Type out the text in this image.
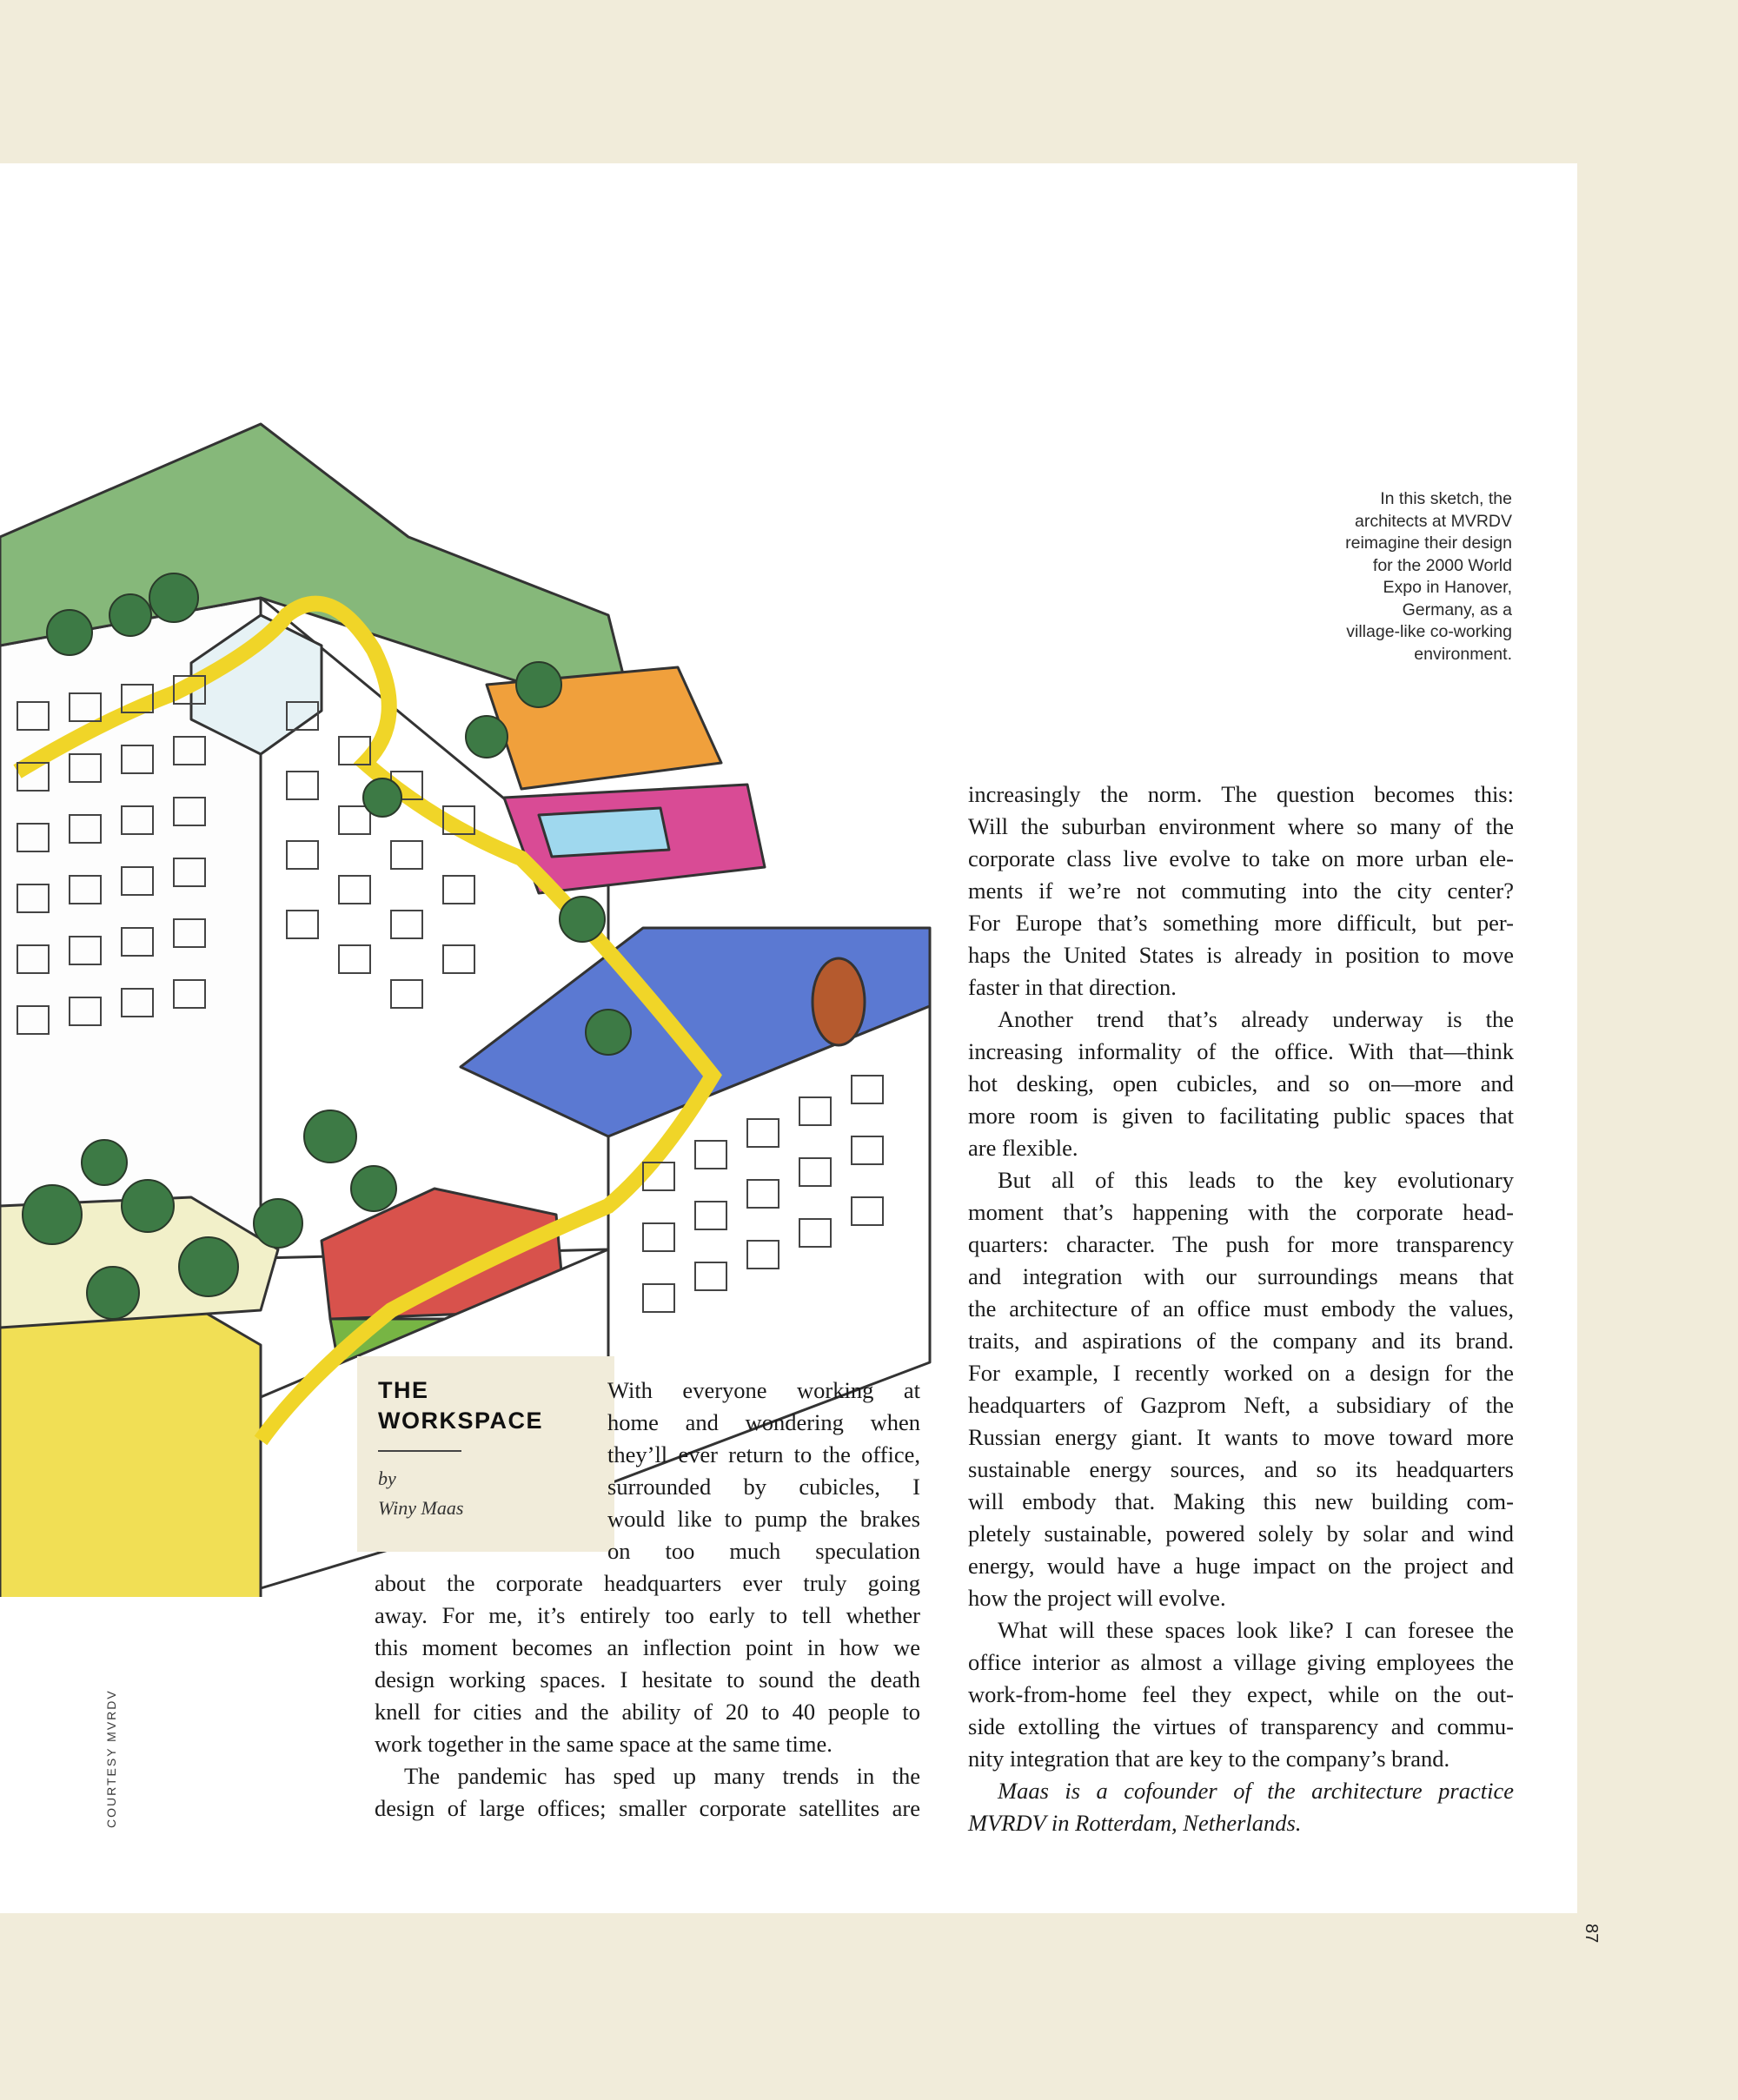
In this sketch, the
architects at MVRDV
reimagine their design
for the 2000 World
Expo in Hanover,
Germany, as a
village-like co-working
environment.
COURTESY MVRDV
THE
WORKSPACE
by
Winy Maas
With everyone working at
home and wondering when
they’ll ever return to the office,
surrounded by cubicles, I
would like to pump the brakes
on too much speculation
about the corporate headquarters ever truly going
away. For me, it’s entirely too early to tell whether
this moment becomes an inflection point in how we
design working spaces. I hesitate to sound the death
knell for cities and the ability of 20 to 40 people to
work together in the same space at the same time.
The pandemic has sped up many trends in the
design of large offices; smaller corporate satellites are
increasingly the norm. The question becomes this:
Will the suburban environment where so many of the
corporate class live evolve to take on more urban ele-
ments if we’re not commuting into the city center?
For Europe that’s something more difficult, but per-
haps the United States is already in position to move
faster in that direction.
Another trend that’s already underway is the
increasing informality of the office. With that—think
hot desking, open cubicles, and so on—more and
more room is given to facilitating public spaces that
are flexible.
But all of this leads to the key evolutionary
moment that’s happening with the corporate head-
quarters: character. The push for more transparency
and integration with our surroundings means that
the architecture of an office must embody the values,
traits, and aspirations of the company and its brand.
For example, I recently worked on a design for the
headquarters of Gazprom Neft, a subsidiary of the
Russian energy giant. It wants to move toward more
sustainable energy sources, and so its headquarters
will embody that. Making this new building com-
pletely sustainable, powered solely by solar and wind
energy, would have a huge impact on the project and
how the project will evolve.
What will these spaces look like? I can foresee the
office interior as almost a village giving employees the
work-from-home feel they expect, while on the out-
side extolling the virtues of transparency and commu-
nity integration that are key to the company’s brand.
Maas is a cofounder of the architecture practice
MVRDV in Rotterdam, Netherlands.
87
